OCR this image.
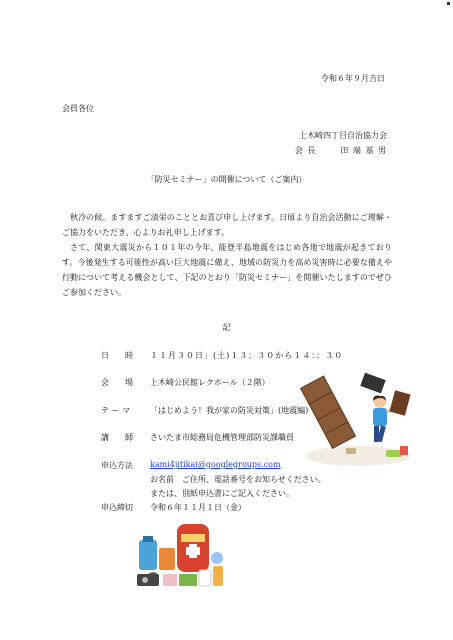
令和６年９月吉日
会員各位
上木崎四丁目自治協力会
会 長	田 端 基 男
「防災セミナー」の開催について（ご案内）

秋冷の候、ますますご清栄のこととお喜び申し上げます。日頃より自治会活動にご理解・ご協力をいただき、心よりお礼申し上げます。

さて、関東大震災から１０１年の今年、能登半島地震をはじめ各地で地震が起きておりす。今後発生する可能性が高い巨大地震に備え、地域の防災力を高め災害時に必要な備えや行動について考える機会として、下記のとおり「防災セミナー」を開催いたしますのでぜひご参加ください。

記
日　　時 １１月３０日」(土)１３：３０から１４：：３０
会　　場 上木崎公民館レクホール（２階）
テ ー マ 「はじめよう！我が家の防災対策」(地震編)
講　　師 さいたま市総務局危機管理部防災課職員
申込方法 kami4jitikai@googlegroups.com
お名前　ご住所、電話番号をお知らせください。
または、別紙申込書にご記入ください。
申込締切 令和６年１１月１日（金）
